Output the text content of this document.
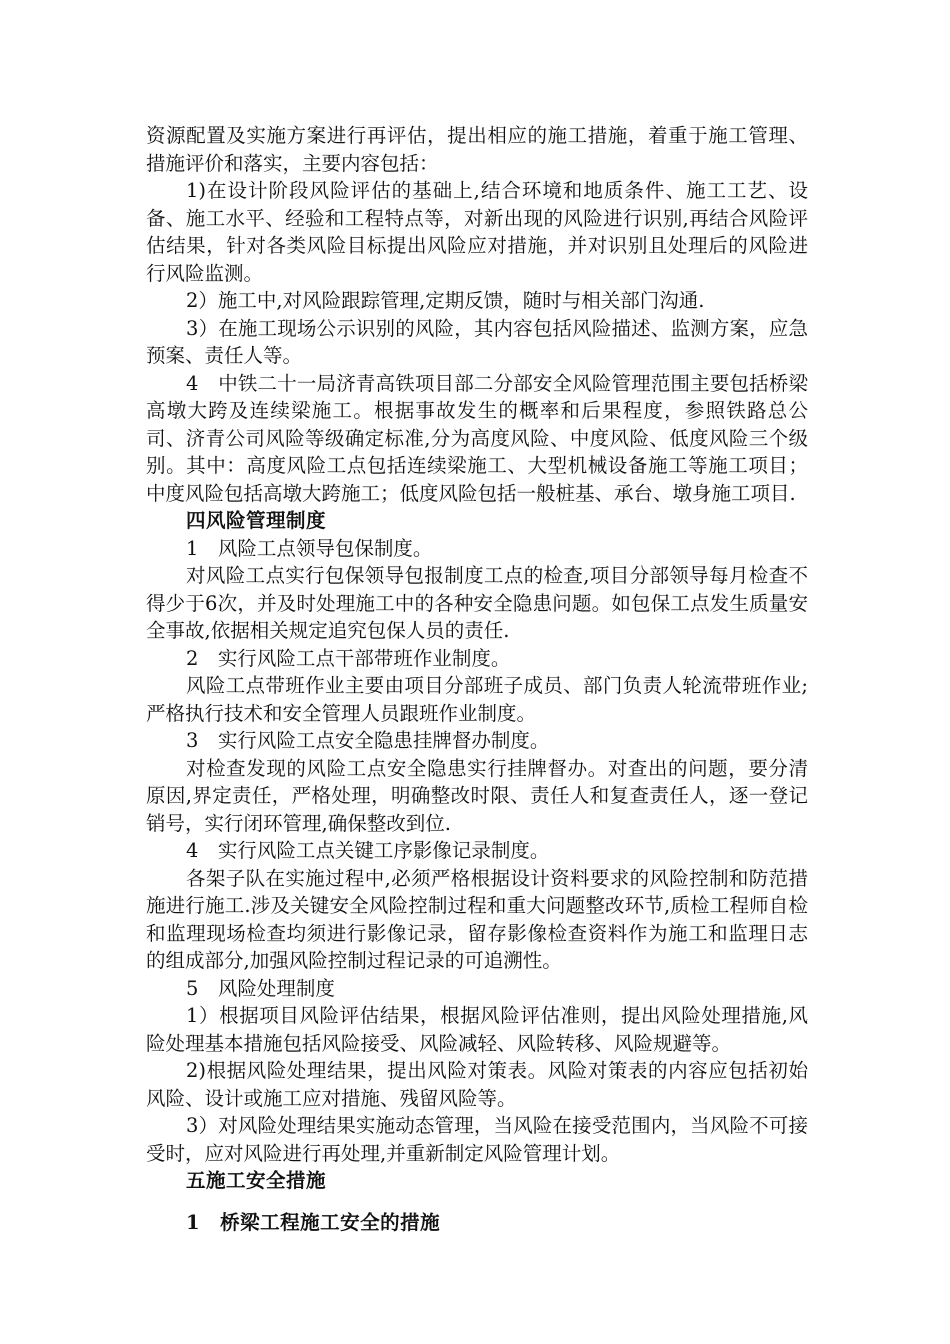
资源配置及实施方案进行再评估，提出相应的施工措施，着重于施工管理、措施评价和落实，主要内容包括：

1)在设计阶段风险评估的基础上,结合环境和地质条件、施工工艺、设备、施工水平、经验和工程特点等，对新出现的风险进行识别,再结合风险评估结果，针对各类风险目标提出风险应对措施，并对识别且处理后的风险进行风险监测。

2）施工中,对风险跟踪管理,定期反馈，随时与相关部门沟通.

3）在施工现场公示识别的风险，其内容包括风险描述、监测方案，应急预案、责任人等。

4　中铁二十一局济青高铁项目部二分部安全风险管理范围主要包括桥梁高墩大跨及连续梁施工。根据事故发生的概率和后果程度，参照铁路总公司、济青公司风险等级确定标准,分为高度风险、中度风险、低度风险三个级别。其中：高度风险工点包括连续梁施工、大型机械设备施工等施工项目；中度风险包括高墩大跨施工；低度风险包括一般桩基、承台、墩身施工项目.

四风险管理制度

1　风险工点领导包保制度。

对风险工点实行包保领导包报制度工点的检查,项目分部领导每月检查不得少于6次，并及时处理施工中的各种安全隐患问题。如包保工点发生质量安全事故,依据相关规定追究包保人员的责任.

2　实行风险工点干部带班作业制度。

风险工点带班作业主要由项目分部班子成员、部门负责人轮流带班作业;严格执行技术和安全管理人员跟班作业制度。

3　实行风险工点安全隐患挂牌督办制度。

对检查发现的风险工点安全隐患实行挂牌督办。对查出的问题，要分清原因,界定责任，严格处理，明确整改时限、责任人和复查责任人，逐一登记销号，实行闭环管理,确保整改到位.

4　实行风险工点关键工序影像记录制度。

各架子队在实施过程中,必须严格根据设计资料要求的风险控制和防范措施进行施工.涉及关键安全风险控制过程和重大问题整改环节,质检工程师自检和监理现场检查均须进行影像记录，留存影像检查资料作为施工和监理日志的组成部分,加强风险控制过程记录的可追溯性。

5　风险处理制度

1）根据项目风险评估结果，根据风险评估准则，提出风险处理措施,风险处理基本措施包括风险接受、风险减轻、风险转移、风险规避等。

2)根据风险处理结果，提出风险对策表。风险对策表的内容应包括初始风险、设计或施工应对措施、残留风险等。

3）对风险处理结果实施动态管理，当风险在接受范围内，当风险不可接受时，应对风险进行再处理,并重新制定风险管理计划。

五施工安全措施

1　桥梁工程施工安全的措施
